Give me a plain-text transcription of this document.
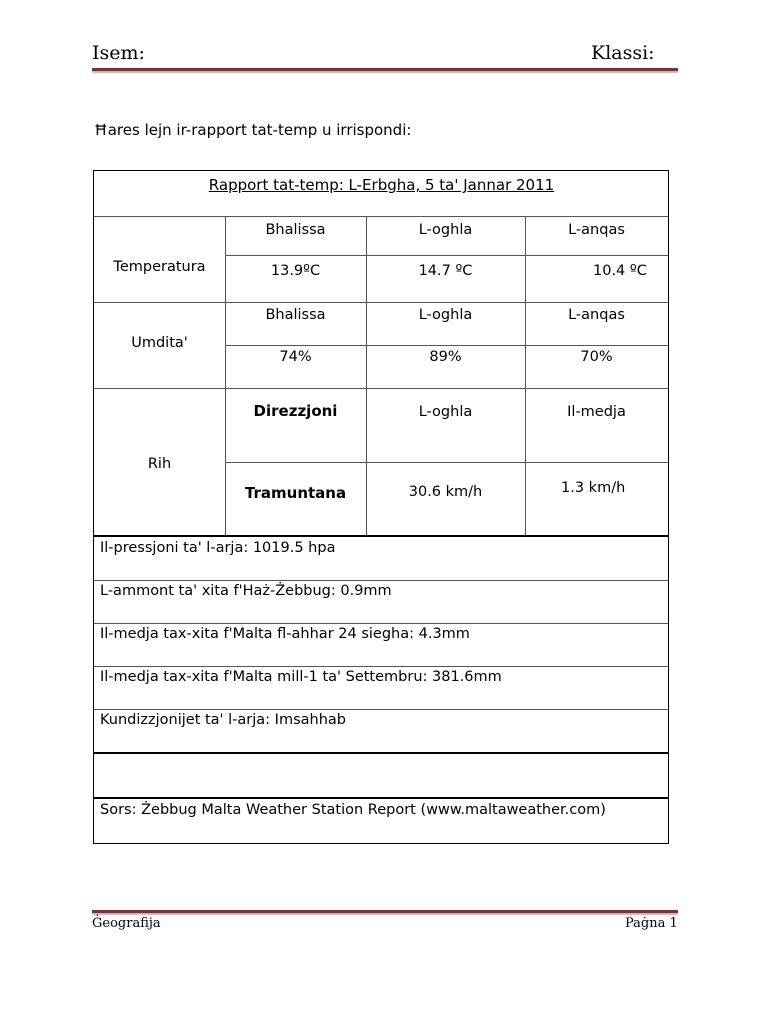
Isem:	Klassi:
Ħares lejn ir-rapport tat-temp u irrispondi:
Rapport tat-temp: L-Erbgha, 5 ta' Jannar 2011
Temperatura
Bhalissa	L-oghla	L-anqas
13.9ºC	14.7 ºC	10.4 ºC
Umdita'
Bhalissa	L-oghla	L-anqas
74%	89%	70%
Rih
Direzzjoni	L-oghla	Il-medja
Tramuntana	30.6 km/h	1.3 km/h
Il-pressjoni ta' l-arja: 1019.5 hpa
L-ammont ta' xita f'Haż-Żebbug: 0.9mm
Il-medja tax-xita f'Malta fl-ahhar 24 siegha: 4.3mm
Il-medja tax-xita f'Malta mill-1 ta' Settembru: 381.6mm
Kundizzjonijet ta' l-arja: Imsahhab
Sors: Żebbug Malta Weather Station Report (www.maltaweather.com)
Ġeografija	Paġna 1
